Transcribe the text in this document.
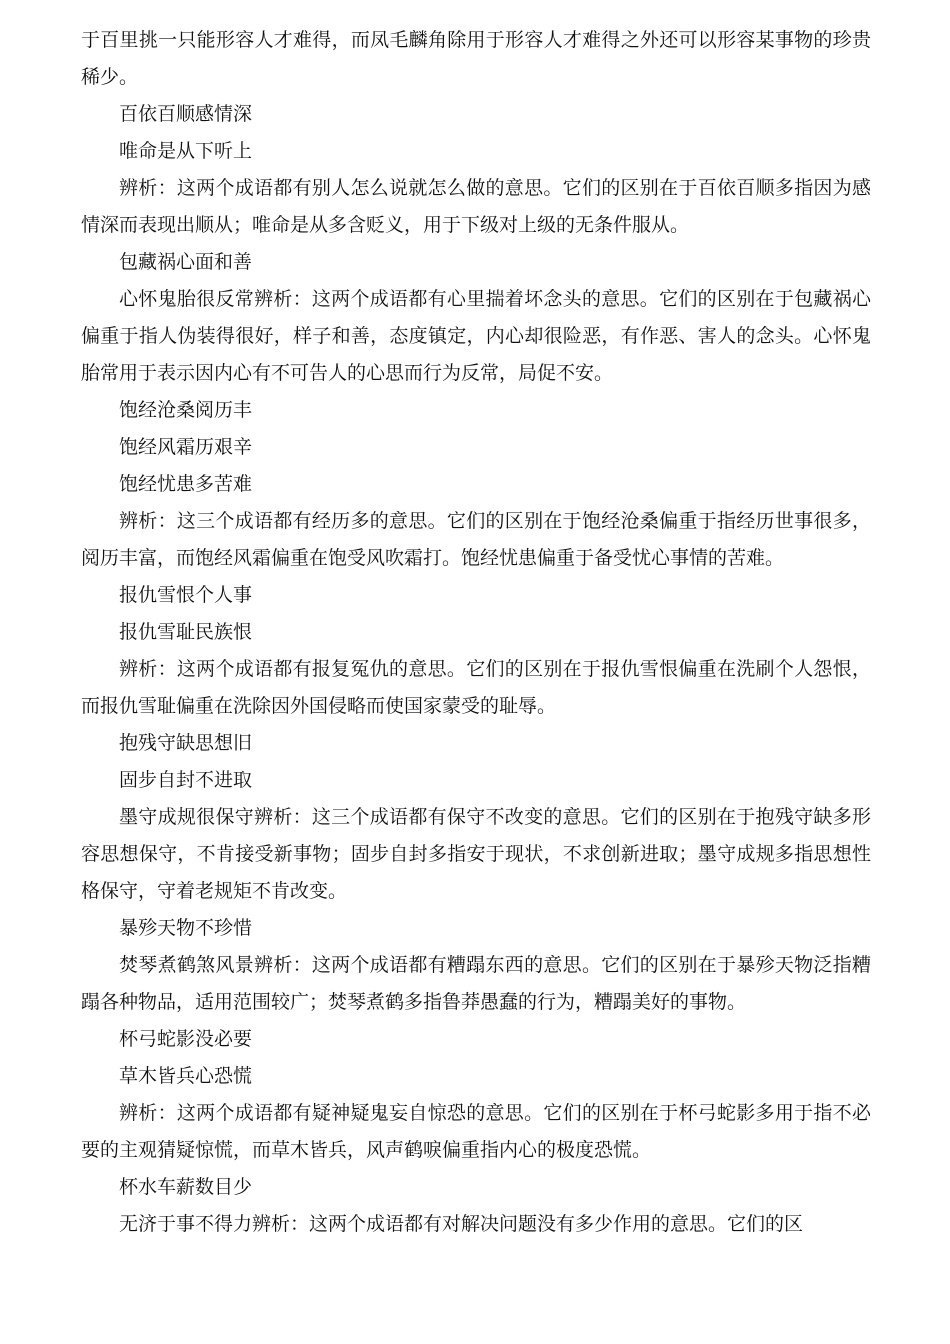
于百里挑一只能形容人才难得，而凤毛麟角除用于形容人才难得之外还可以形容某事物的珍贵稀少。

百依百顺感情深

唯命是从下听上

辨析：这两个成语都有别人怎么说就怎么做的意思。它们的区别在于百依百顺多指因为感情深而表现出顺从；唯命是从多含贬义，用于下级对上级的无条件服从。

包藏祸心面和善

心怀鬼胎很反常辨析：这两个成语都有心里揣着坏念头的意思。它们的区别在于包藏祸心偏重于指人伪装得很好，样子和善，态度镇定，内心却很险恶，有作恶、害人的念头。心怀鬼胎常用于表示因内心有不可告人的心思而行为反常，局促不安。

饱经沧桑阅历丰

饱经风霜历艰辛

饱经忧患多苦难

辨析：这三个成语都有经历多的意思。它们的区别在于饱经沧桑偏重于指经历世事很多，阅历丰富，而饱经风霜偏重在饱受风吹霜打。饱经忧患偏重于备受忧心事情的苦难。

报仇雪恨个人事

报仇雪耻民族恨

辨析：这两个成语都有报复冤仇的意思。它们的区别在于报仇雪恨偏重在洗刷个人怨恨，而报仇雪耻偏重在洗除因外国侵略而使国家蒙受的耻辱。

抱残守缺思想旧

固步自封不进取

墨守成规很保守辨析：这三个成语都有保守不改变的意思。它们的区别在于抱残守缺多形容思想保守，不肯接受新事物；固步自封多指安于现状，不求创新进取；墨守成规多指思想性格保守，守着老规矩不肯改变。

暴殄天物不珍惜

焚琴煮鹤煞风景辨析：这两个成语都有糟蹋东西的意思。它们的区别在于暴殄天物泛指糟蹋各种物品，适用范围较广；焚琴煮鹤多指鲁莽愚蠢的行为，糟蹋美好的事物。

杯弓蛇影没必要

草木皆兵心恐慌

辨析：这两个成语都有疑神疑鬼妄自惊恐的意思。它们的区别在于杯弓蛇影多用于指不必要的主观猜疑惊慌，而草木皆兵，风声鹤唳偏重指内心的极度恐慌。

杯水车薪数目少

无济于事不得力辨析：这两个成语都有对解决问题没有多少作用的意思。它们的区
